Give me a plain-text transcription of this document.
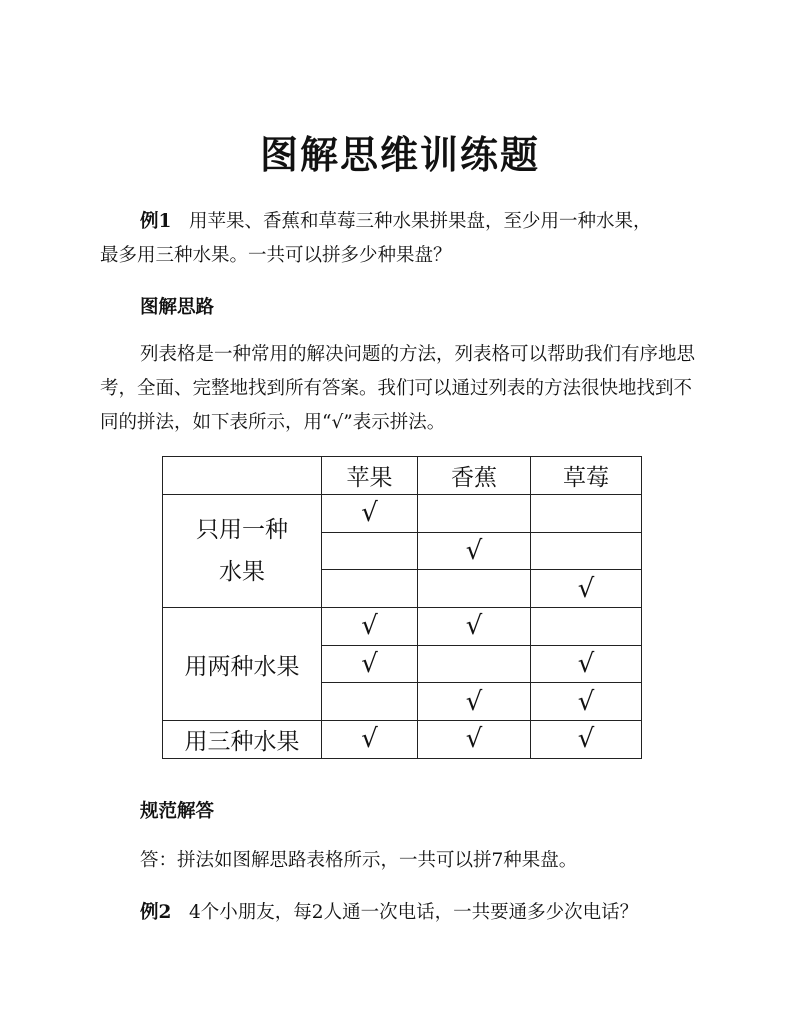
图解思维训练题

例1 用苹果、香蕉和草莓三种水果拼果盘，至少用一种水果，
最多用三种水果。一共可以拼多少种果盘？

图解思路

列表格是一种常用的解决问题的方法，列表格可以帮助我们有序地思考，全面、完整地找到所有答案。我们可以通过列表的方法很快地找到不同的拼法，如下表所示，用“√”表示拼法。

	苹果	香蕉	草莓
只用一种
水果	√		
		√	
			√
用两种水果	√	√	
	√		√
		√	√
用三种水果	√	√	√
规范解答

答：拼法如图解思路表格所示，一共可以拼7种果盘。

例2 4个小朋友，每2人通一次电话，一共要通多少次电话？
